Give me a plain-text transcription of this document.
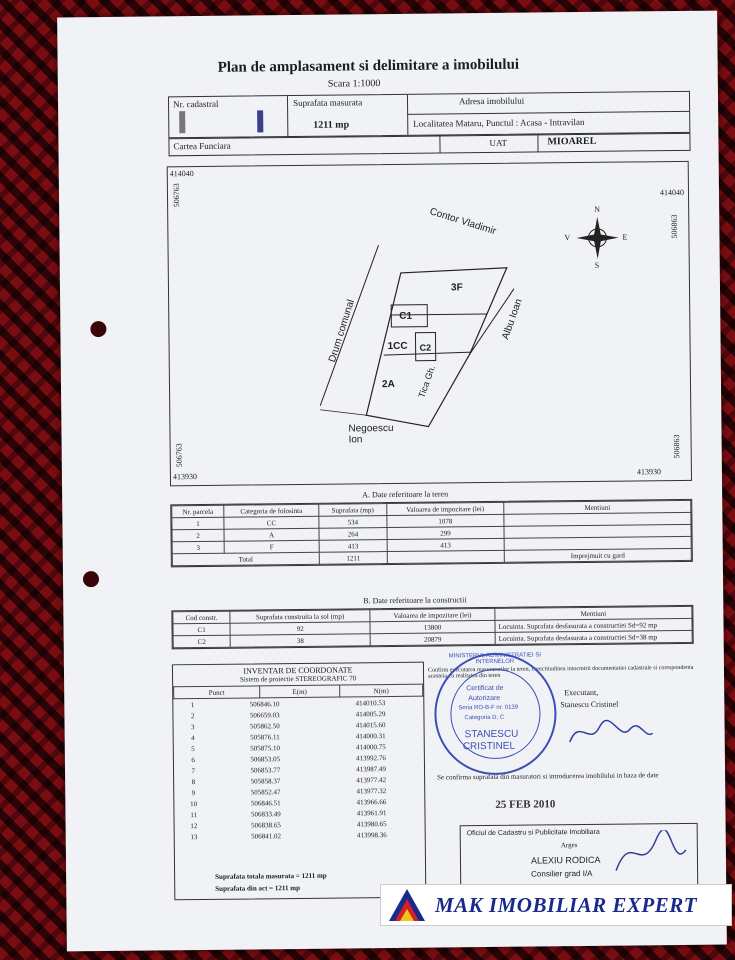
Plan de amplasament si delimitare a imobilului
Scara 1:1000
Nr. cadastral	Suprafata masurata
1211 mp
Adresa imobilului
Localitatea Mataru, Punctul : Acasa - Intravilan
Cartea Funciara	UAT	MIOAREL
414040
414040
413930
413930
506763
506863
506763	506863
Contor Vladimir
Albu Ioan
Drum comunal
Negoescu Ion
Tica Gh.
3F
C1
1CC C2
2A
N
S
E
V
A. Date referitoare la teren
Nr. parcela	Categoria de folosinta	Suprafata (mp)	Valoarea de impozitare (lei)	Mentiuni
1	CC	534	1078	
2	A	264	299	
3	F	413	413	
Total		1211		Imprejmuit cu gard
B. Date referitoare la constructii
Cod constr.	Suprafata construita la sol (mp)	Valoarea de impozitare (lei)	Mentiuni
C1	92	13800	Locuinta. Suprafata desfasurata a constructiei Sd=92 mp
C2	38	20879	Locuinta. Suprafata desfasurata a constructiei Sd=38 mp
INVENTAR DE COORDONATE
Sistem de proiectie STEREOGRAFIC 70
Punct	E(m)	N(m)
1	506846.10	414010.53
2	506659.03	414005.29
3	505862.50	414015.60
4	505876.11	414000.31
5	505875.10	414000.75
6	506853.05	413992.76
7	506853.77	413987.49
8	505858.37	413977.42
9	505852.47	413977.32
10	506846.51	413966.66
11	506833.49	413961.91
12	506838.65	413980.65
13	506841.02	413998.36
Suprafata totala masurata = 1211 mp
Suprafata din act = 1211 mp
Executant,
Stanescu Cristinel
Confirm executarea masuratorilor la teren, corectitudinea intocmirii documentatiei cadastrale si corespondenta acesteia cu realitatea din teren
Se confirma suprafata din masuratori si introducerea imobilului in baza de date
25 FEB 2010
MINISTERUL ADMINISTRATIEI SI INTERNELOR
Certificat de
Autorizare
Seria RO-B-F nr. 0139
Categoria D, C
STANESCU
CRISTINEL
Oficiul de Cadastru si Publicitate Imobiliara
Arges
ALEXIU RODICA
Consilier grad I/A
MAK IMOBILIAR EXPERT
